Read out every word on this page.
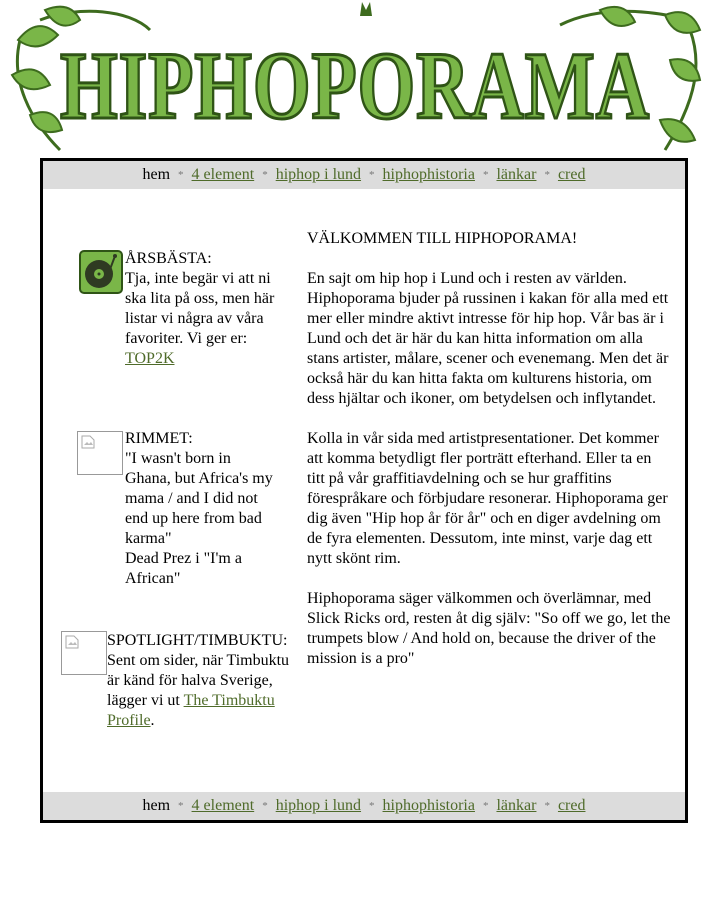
HIPHOPORAMA
hem * 4 element * hiphop i lund * hiphophistoria * länkar * cred
ÅRSBÄSTA:
Tja, inte begär vi att ni ska lita på oss, men här listar vi några av våra favoriter. Vi ger er:
TOP2K
RIMMET:
"I wasn't born in Ghana, but Africa's my mama / and I did not end up here from bad karma"
Dead Prez i "I'm a African"
SPOTLIGHT/TIMBUKTU:
Sent om sider, när Timbuktu är känd för halva Sverige, lägger vi ut The Timbuktu Profile.

VÄLKOMMEN TILL HIPHOPORAMA!

En sajt om hip hop i Lund och i resten av världen. Hiphoporama bjuder på russinen i kakan för alla med ett mer eller mindre aktivt intresse för hip hop. Vår bas är i Lund och det är här du kan hitta information om alla stans artister, målare, scener och evenemang. Men det är också här du kan hitta fakta om kulturens historia, om dess hjältar och ikoner, om betydelsen och inflytandet.

Kolla in vår sida med artistpresentationer. Det kommer att komma betydligt fler porträtt efterhand. Eller ta en titt på vår graffitiavdelning och se hur graffitins förespråkare och förbjudare resonerar. Hiphoporama ger dig även "Hip hop år för år" och en diger avdelning om de fyra elementen. Dessutom, inte minst, varje dag ett nytt skönt rim.

Hiphoporama säger välkommen och överlämnar, med Slick Ricks ord, resten åt dig själv: "So off we go, let the trumpets blow / And hold on, because the driver of the mission is a pro"

hem * 4 element * hiphop i lund * hiphophistoria * länkar * cred
